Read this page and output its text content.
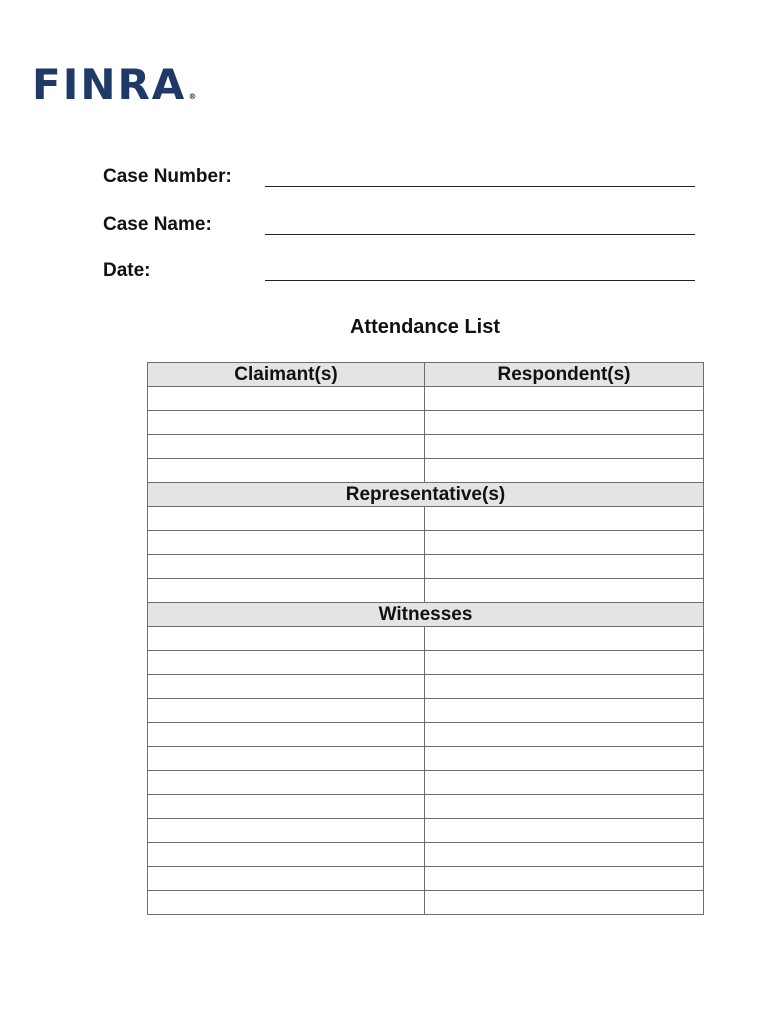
FINRA ®
Case Number:
Case Name:
Date:
Attendance List
Claimant(s)	Respondent(s)

Representative(s)	

Witnesses	
